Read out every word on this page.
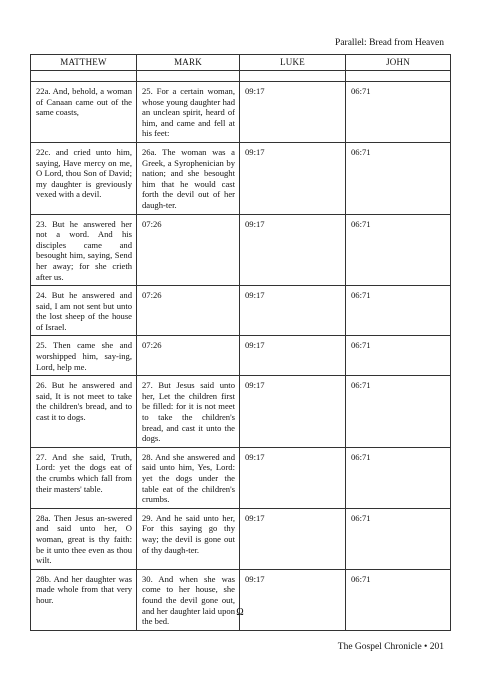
Parallel: Bread from Heaven
MATTHEW	MARK	LUKE	JOHN

22a. And, behold, a woman of Canaan came out of the same coasts,	25. For a certain woman, whose young daughter had an unclean spirit, heard of him, and came and fell at his feet:	09:17	06:71
22c. and cried unto him, saying, Have mercy on me, O Lord, thou Son of David; my daughter is greviously vexed with a devil.	26a. The woman was a Greek, a Syrophenician by nation; and she besought him that he would cast forth the devil out of her daugh-ter.	09:17	06:71
23. But he answered her not a word. And his disciples came and besought him, saying, Send her away; for she crieth after us.	07:26	09:17	06:71
24. But he answered and said, I am not sent but unto the lost sheep of the house of Israel.	07:26	09:17	06:71
25. Then came she and worshipped him, say-ing, Lord, help me.	07:26	09:17	06:71
26. But he answered and said, It is not meet to take the children's bread, and to cast it to dogs.	27. But Jesus said unto her, Let the children first be filled: for it is not meet to take the children's bread, and cast it unto the dogs.	09:17	06:71
27. And she said, Truth, Lord: yet the dogs eat of the crumbs which fall from their masters' table.	28. And she answered and said unto him, Yes, Lord: yet the dogs under the table eat of the children's crumbs.	09:17	06:71
28a. Then Jesus an-swered and said unto her, O woman, great is thy faith: be it unto thee even as thou wilt.	29. And he said unto her, For this saying go thy way; the devil is gone out of thy daugh-ter.	09:17	06:71
28b. And her daughter was made whole from that very hour.	30. And when she was come to her house, she found the devil gone out, and her daughter laid upon the bed.	09:17	06:71
Ω
The Gospel Chronicle • 201
